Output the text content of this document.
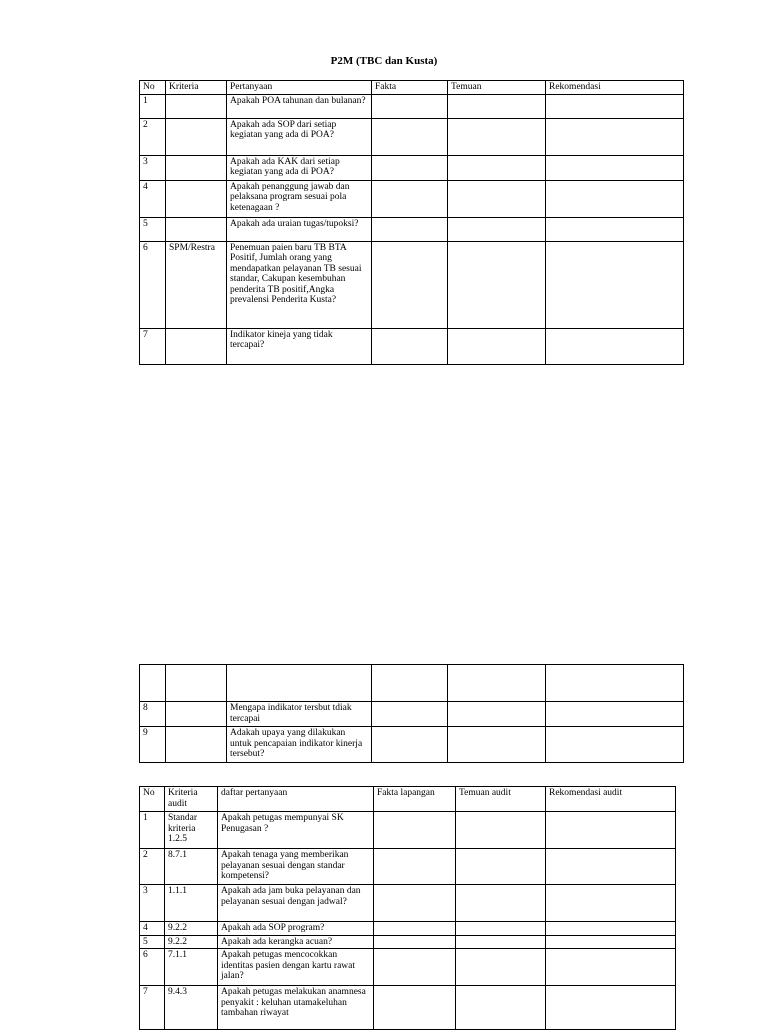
P2M (TBC dan Kusta)
No	Kriteria	Pertanyaan	Fakta	Temuan	Rekomendasi
1		Apakah POA tahunan dan bulanan?			
2		Apakah ada SOP dari setiap kegiatan yang ada di POA?			
3		Apakah ada KAK dari setiap kegiatan yang ada di POA?			
4		Apakah penanggung jawab dan pelaksana program sesuai pola ketenagaan ?			
5		Apakah ada uraian tugas/tupoksi?			
6	SPM/Restra	Penemuan paien baru TB BTA Positif, Jumlah orang yang mendapatkan pelayanan TB sesuai standar, Cakupan kesembuhan penderita TB positif,Angka prevalensi Penderita Kusta?			
7		Indikator kineja yang tidak tercapai?			

8		Mengapa indikator tersbut tdiak tercapai			
9		Adakah upaya yang dilakukan untuk pencapaian indikator kinerja tersebut?			
No	Kriteria audit	daftar pertanyaan	Fakta lapangan	Temuan audit	Rekomendasi audit
1	Standar kriteria 1.2.5	Apakah petugas mempunyai SK Penugasan ?			
2	8.7.1	Apakah tenaga yang memberikan pelayanan sesuai dengan standar kompetensi?			
3	1.1.1	Apakah ada jam buka pelayanan dan pelayanan sesuai dengan jadwal?			
4	9.2.2	Apakah ada SOP program?			
5	9.2.2	Apakah ada kerangka acuan?			
6	7.1.1	Apakah petugas mencocokkan identitas pasien dengan kartu rawat jalan?			
7	9.4.3	Apakah petugas melakukan anamnesa penyakit : keluhan utamakeluhan tambahan riwayat			
